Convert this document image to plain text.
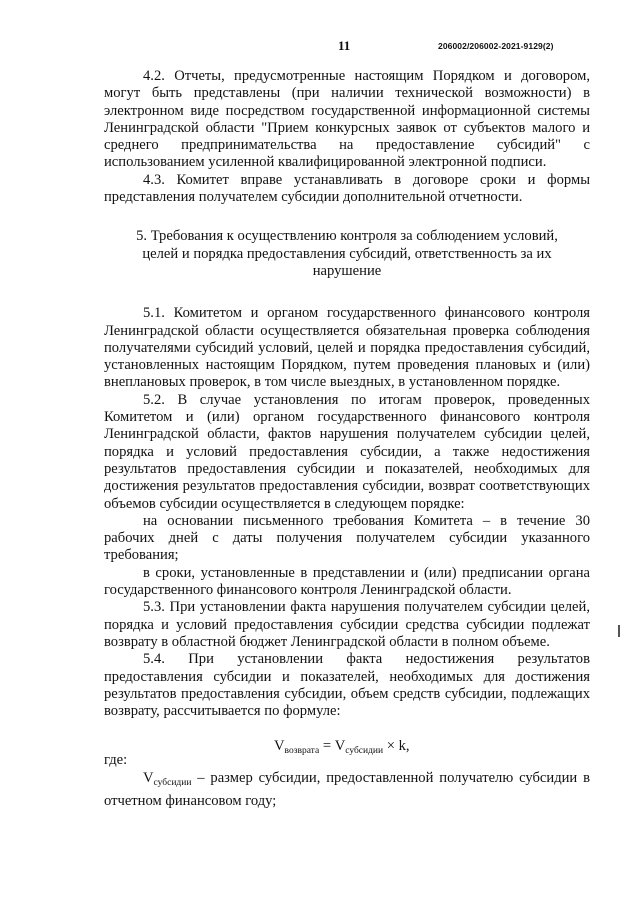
11	206002/206002-2021-9129(2)

4.2. Отчеты, предусмотренные настоящим Порядком и договором, могут быть представлены (при наличии технической возможности) в электронном виде посредством государственной информационной системы Ленинградской области "Прием конкурсных заявок от субъектов малого и среднего предпринимательства на предоставление субсидий" с использованием усиленной квалифицированной электронной подписи.

4.3. Комитет вправе устанавливать в договоре сроки и формы представления получателем субсидии дополнительной отчетности.

5. Требования к осуществлению контроля за соблюдением условий, целей и порядка предоставления субсидий, ответственность за их нарушение

5.1. Комитетом и органом государственного финансового контроля Ленинградской области осуществляется обязательная проверка соблюдения получателями субсидий условий, целей и порядка предоставления субсидий, установленных настоящим Порядком, путем проведения плановых и (или) внеплановых проверок, в том числе выездных, в установленном порядке.

5.2. В случае установления по итогам проверок, проведенных Комитетом и (или) органом государственного финансового контроля Ленинградской области, фактов нарушения получателем субсидии целей, порядка и условий предоставления субсидии, а также недостижения результатов предоставления субсидии и показателей, необходимых для достижения результатов предоставления субсидии, возврат соответствующих объемов субсидии осуществляется в следующем порядке:

на основании письменного требования Комитета – в течение 30 рабочих дней с даты получения получателем субсидии указанного требования;

в сроки, установленные в представлении и (или) предписании органа государственного финансового контроля Ленинградской области.

5.3. При установлении факта нарушения получателем субсидии целей, порядка и условий предоставления субсидии средства субсидии подлежат возврату в областной бюджет Ленинградской области в полном объеме.

5.4. При установлении факта недостижения результатов предоставления субсидии и показателей, необходимых для достижения результатов предоставления субсидии, объем средств субсидии, подлежащих возврату, рассчитывается по формуле:

$V_{возврата} = V_{субсидии} \times k$,
где:

$V_{субсидии}$ – размер субсидии, предоставленной получателю субсидии в отчетном финансовом году;
